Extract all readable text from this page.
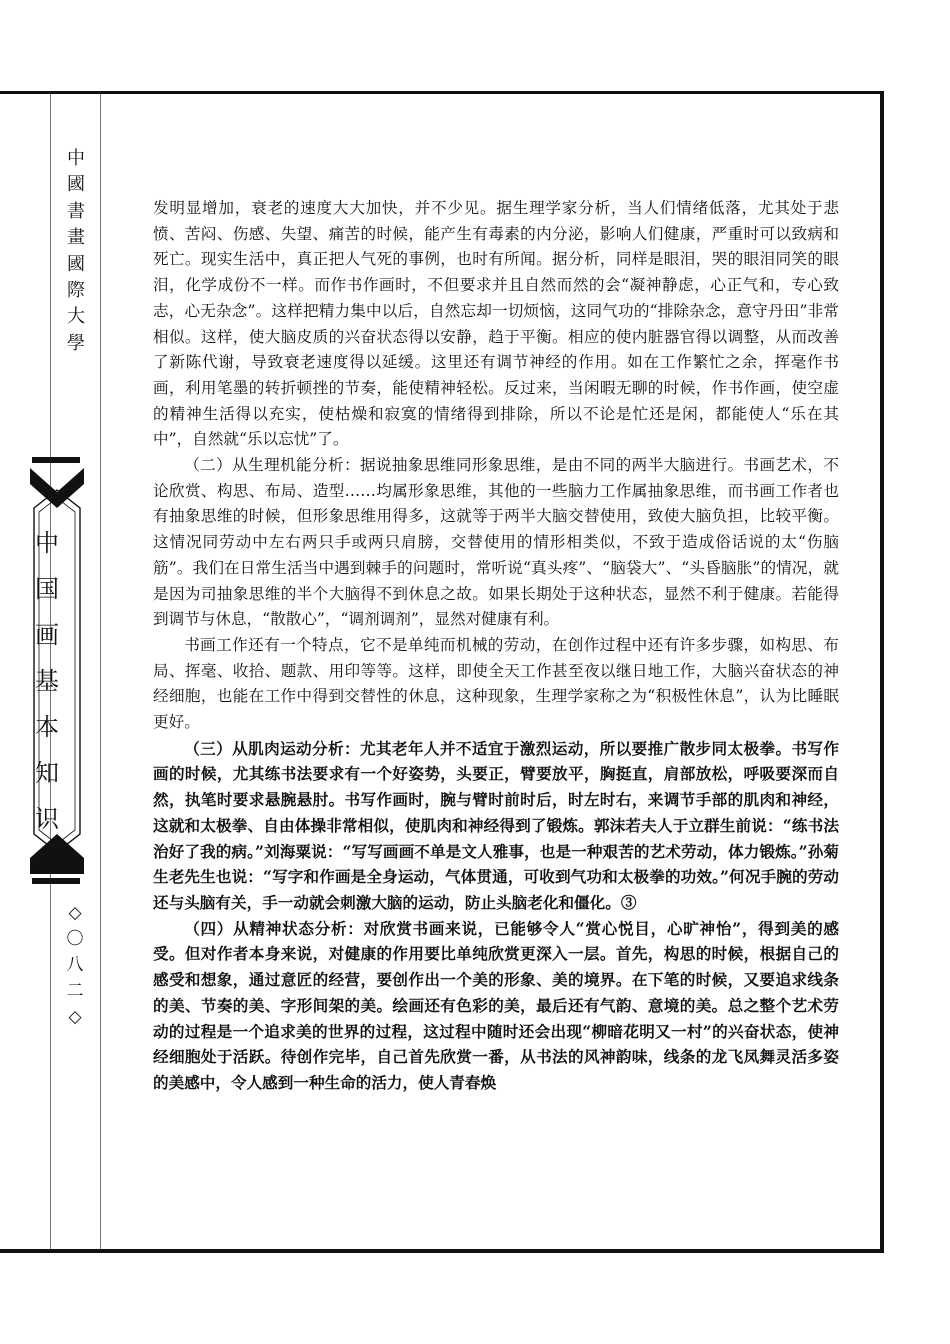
中
國
書
畫
國
際
大
學
中
国
画
基
本
知
识
◇
〇
八
二
◇

发明显增加，衰老的速度大大加快，并不少见。据生理学家分析，当人们情绪低落，尤其处于悲愤、苦闷、伤感、失望、痛苦的时候，能产生有毒素的内分泌，影响人们健康，严重时可以致病和死亡。现实生活中，真正把人气死的事例，也时有所闻。据分析，同样是眼泪，哭的眼泪同笑的眼泪，化学成份不一样。而作书作画时，不但要求并且自然而然的会“凝神静虑，心正气和，专心致志，心无杂念”。这样把精力集中以后，自然忘却一切烦恼，这同气功的“排除杂念，意守丹田”非常相似。这样，使大脑皮质的兴奋状态得以安静，趋于平衡。相应的使内脏器官得以调整，从而改善了新陈代谢，导致衰老速度得以延缓。这里还有调节神经的作用。如在工作繁忙之余，挥毫作书画，利用笔墨的转折顿挫的节奏，能使精神轻松。反过来，当闲暇无聊的时候，作书作画，使空虚的精神生活得以充实，使枯燥和寂寞的情绪得到排除，所以不论是忙还是闲，都能使人“乐在其中”，自然就“乐以忘忧”了。

（二）从生理机能分析：据说抽象思维同形象思维，是由不同的两半大脑进行。书画艺术，不论欣赏、构思、布局、造型……均属形象思维，其他的一些脑力工作属抽象思维，而书画工作者也有抽象思维的时候，但形象思维用得多，这就等于两半大脑交替使用，致使大脑负担，比较平衡。这情况同劳动中左右两只手或两只肩膀，交替使用的情形相类似，不致于造成俗话说的太“伤脑筋”。我们在日常生活当中遇到棘手的问题时，常听说“真头疼”、“脑袋大”、“头昏脑胀”的情况，就是因为司抽象思维的半个大脑得不到休息之故。如果长期处于这种状态，显然不利于健康。若能得到调节与休息，“散散心”，“调剂调剂”，显然对健康有利。

书画工作还有一个特点，它不是单纯而机械的劳动，在创作过程中还有许多步骤，如构思、布局、挥毫、收拾、题款、用印等等。这样，即使全天工作甚至夜以继日地工作，大脑兴奋状态的神经细胞，也能在工作中得到交替性的休息，这种现象，生理学家称之为“积极性休息”，认为比睡眠更好。

（三）从肌肉运动分析：尤其老年人并不适宜于激烈运动，所以要推广散步同太极拳。书写作画的时候，尤其练书法要求有一个好姿势，头要正，臂要放平，胸挺直，肩部放松，呼吸要深而自然，执笔时要求悬腕悬肘。书写作画时，腕与臂时前时后，时左时右，来调节手部的肌肉和神经，这就和太极拳、自由体操非常相似，使肌肉和神经得到了锻炼。郭沫若夫人于立群生前说：“练书法治好了我的病。”刘海粟说：“写写画画不单是文人雅事，也是一种艰苦的艺术劳动，体力锻炼。”孙菊生老先生也说：“写字和作画是全身运动，气体贯通，可收到气功和太极拳的功效。”何况手腕的劳动还与头脑有关，手一动就会刺激大脑的运动，防止头脑老化和僵化。③

（四）从精神状态分析：对欣赏书画来说，已能够令人“赏心悦目，心旷神怡”，得到美的感受。但对作者本身来说，对健康的作用要比单纯欣赏更深入一层。首先，构思的时候，根据自己的感受和想象，通过意匠的经营，要创作出一个美的形象、美的境界。在下笔的时候，又要追求线条的美、节奏的美、字形间架的美。绘画还有色彩的美，最后还有气韵、意境的美。总之整个艺术劳动的过程是一个追求美的世界的过程，这过程中随时还会出现“柳暗花明又一村”的兴奋状态，使神经细胞处于活跃。待创作完毕，自己首先欣赏一番，从书法的风神韵味，线条的龙飞凤舞灵活多姿的美感中，令人感到一种生命的活力，使人青春焕
